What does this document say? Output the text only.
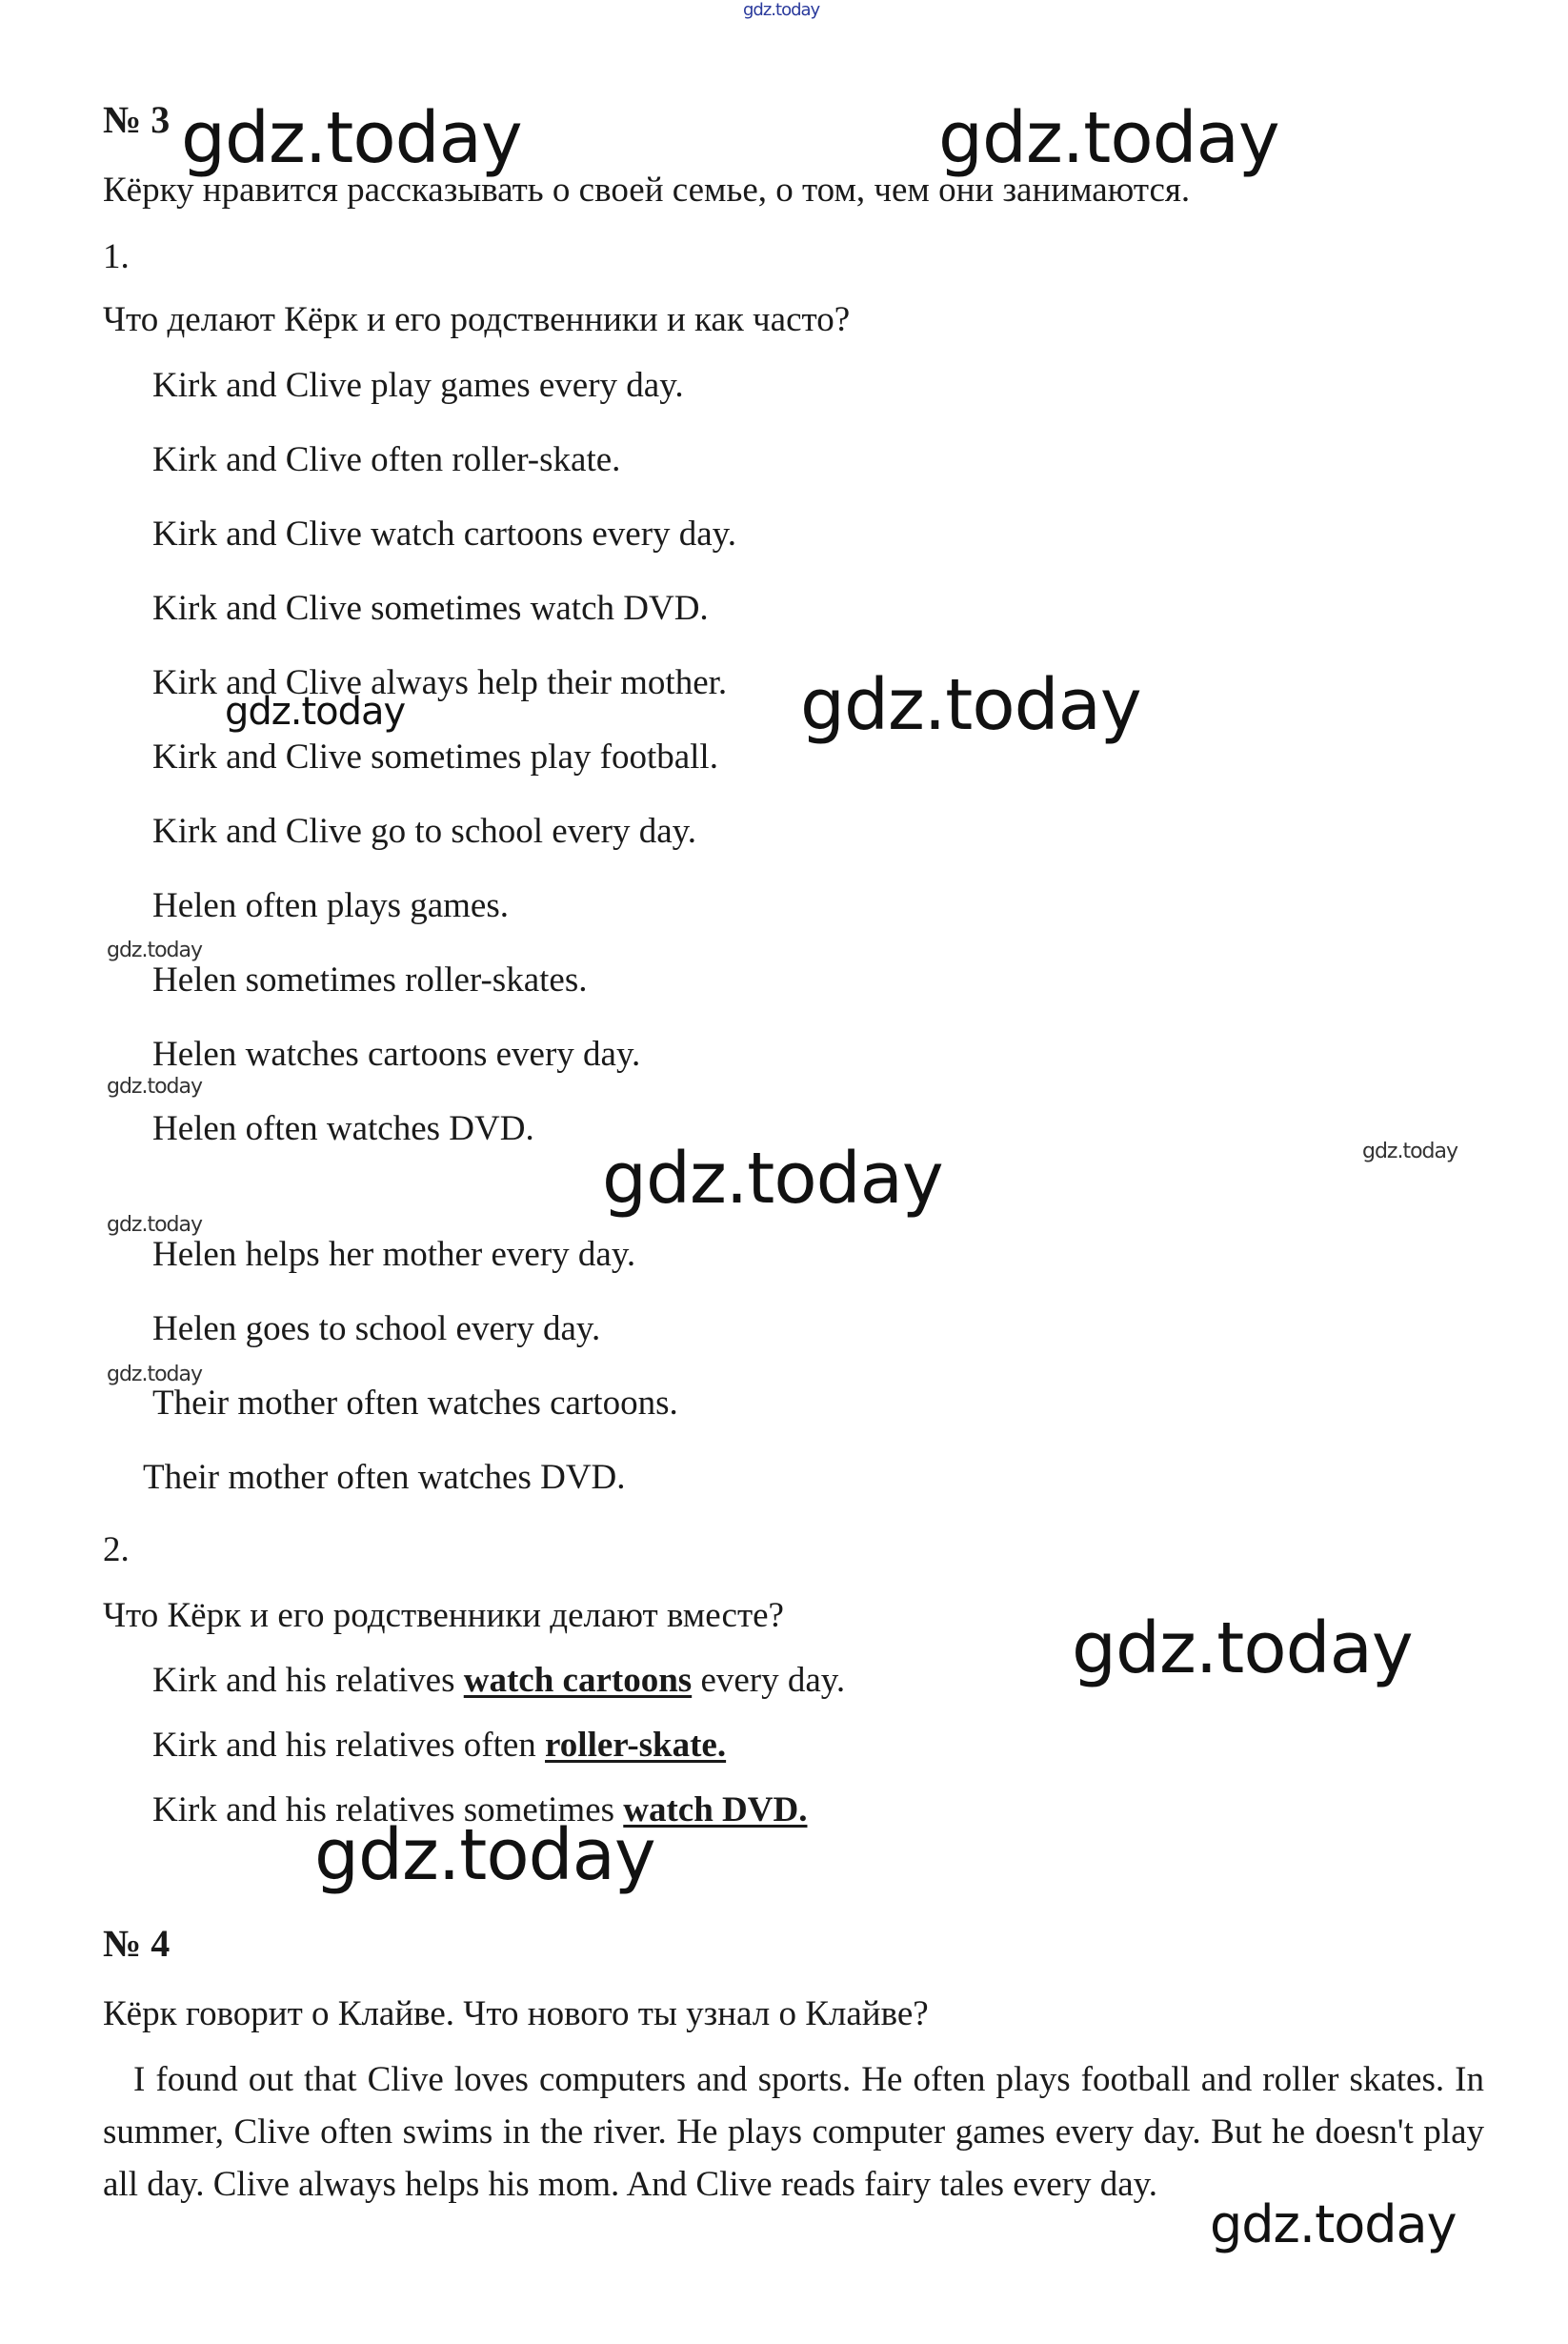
gdz.today
№ 3
Кёрку нравится рассказывать о своей семье, о том, чем они занимаются.
1.
Что делают Кёрк и его родственники и как часто?
Kirk and Clive play games every day.
Kirk and Clive often roller-skate.
Kirk and Clive watch cartoons every day.
Kirk and Clive sometimes watch DVD.
Kirk and Clive always help their mother.
Kirk and Clive sometimes play football.
Kirk and Clive go to school every day.
Helen often plays games.
Helen sometimes roller-skates.
Helen watches cartoons every day.
Helen often watches DVD.
Helen helps her mother every day.
Helen goes to school every day.
Their mother often watches cartoons.
Their mother often watches DVD.
2.
Что Кёрк и его родственники делают вместе?
Kirk and his relatives watch cartoons every day.
Kirk and his relatives often roller-skate.
Kirk and his relatives sometimes watch DVD.
№ 4
Кёрк говорит о Клайве. Что нового ты узнал о Клайве?
I found out that Clive loves computers and sports. He often plays football and roller skates. In summer, Clive often swims in the river. He plays computer games every day. But he doesn't play all day. Clive always helps his mom. And Clive reads fairy tales every day.
gdz.today	gdz.today
gdz.today
gdz.today
gdz.today
gdz.today
gdz.today	gdz.today
gdz.today
gdz.today
gdz.today
gdz.today
gdz.today
